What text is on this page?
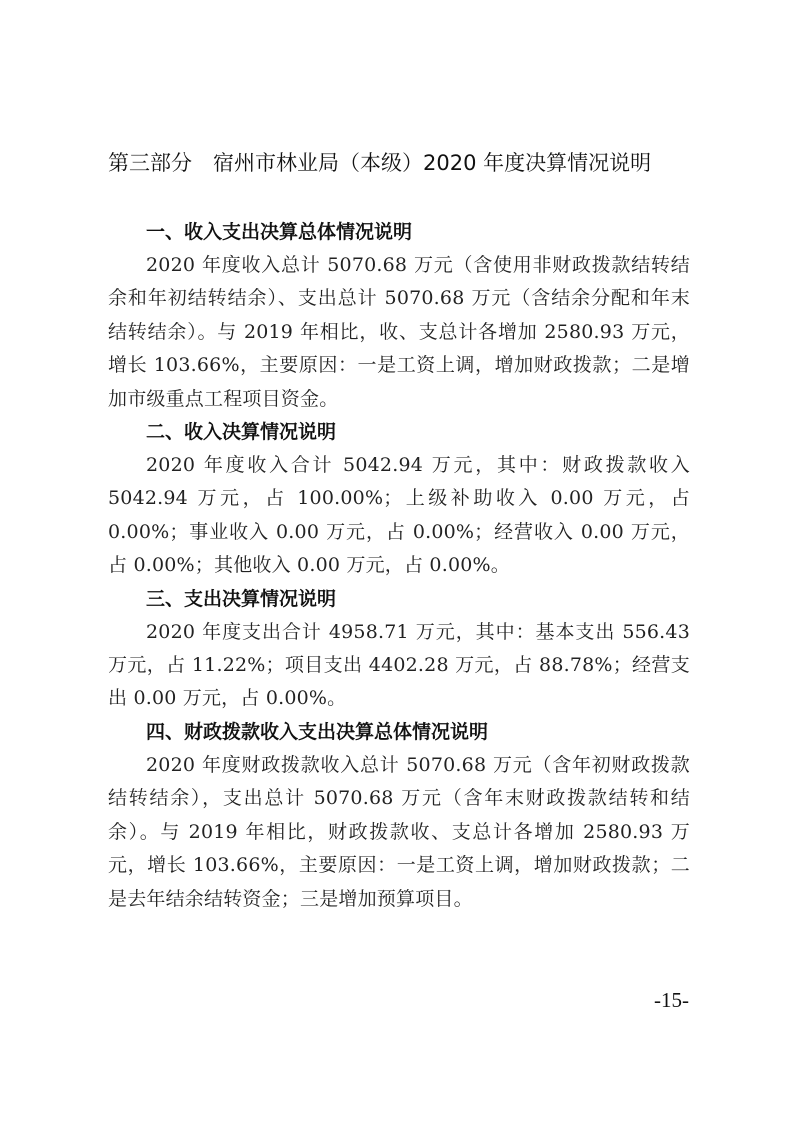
第三部分　宿州市林业局（本级）2020 年度决算情况说明
一、收入支出决算总体情况说明

2020 年度收入总计 5070.68 万元（含使用非财政拨款结转结余和年初结转结余）、支出总计 5070.68 万元（含结余分配和年末结转结余）。与 2019 年相比，收、支总计各增加 2580.93 万元，增长 103.66%，主要原因：一是工资上调，增加财政拨款；二是增加市级重点工程项目资金。

二、收入决算情况说明

2020 年度收入合计 5042.94 万元，其中：财政拨款收入 5042.94 万元，占 100.00%；上级补助收入 0.00 万元，占 0.00%；事业收入 0.00 万元，占 0.00%；经营收入 0.00 万元，占 0.00%；其他收入 0.00 万元，占 0.00%。

三、支出决算情况说明

2020 年度支出合计 4958.71 万元，其中：基本支出 556.43 万元，占 11.22%；项目支出 4402.28 万元，占 88.78%；经营支出 0.00 万元，占 0.00%。

四、财政拨款收入支出决算总体情况说明

2020 年度财政拨款收入总计 5070.68 万元（含年初财政拨款结转结余），支出总计 5070.68 万元（含年末财政拨款结转和结余）。与 2019 年相比，财政拨款收、支总计各增加 2580.93 万元，增长 103.66%，主要原因：一是工资上调，增加财政拨款；二是去年结余结转资金；三是增加预算项目。

-15-
